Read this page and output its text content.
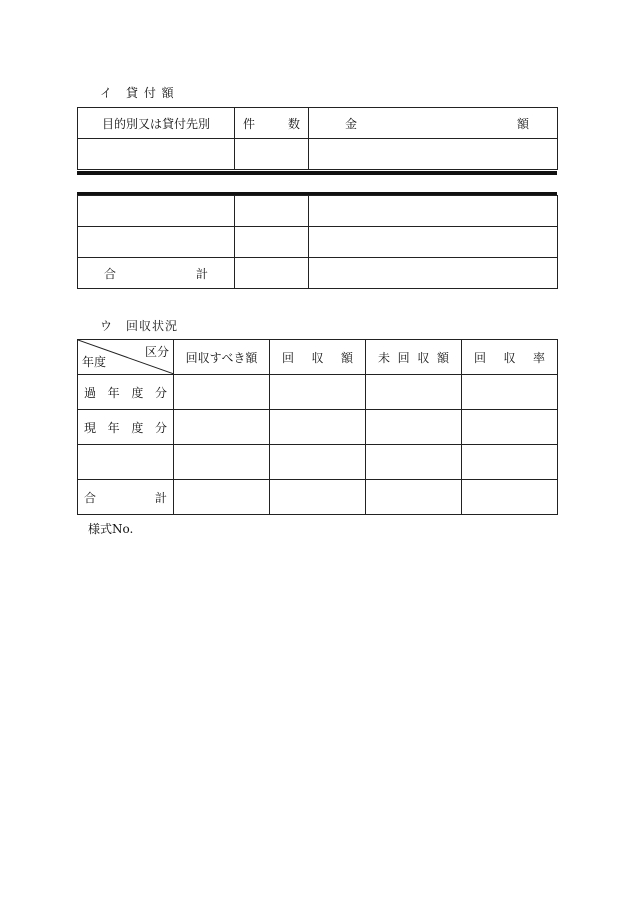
イ　貸 付 額
目的別又は貸付先別	件 数	金 額

合 計		

ウ　回収状況
区分
年度	回収すべき額	回 収 額	未 回 収 額	回 収 率

過 年 度 分				

現 年 度 分				

合 計				

様式No.
